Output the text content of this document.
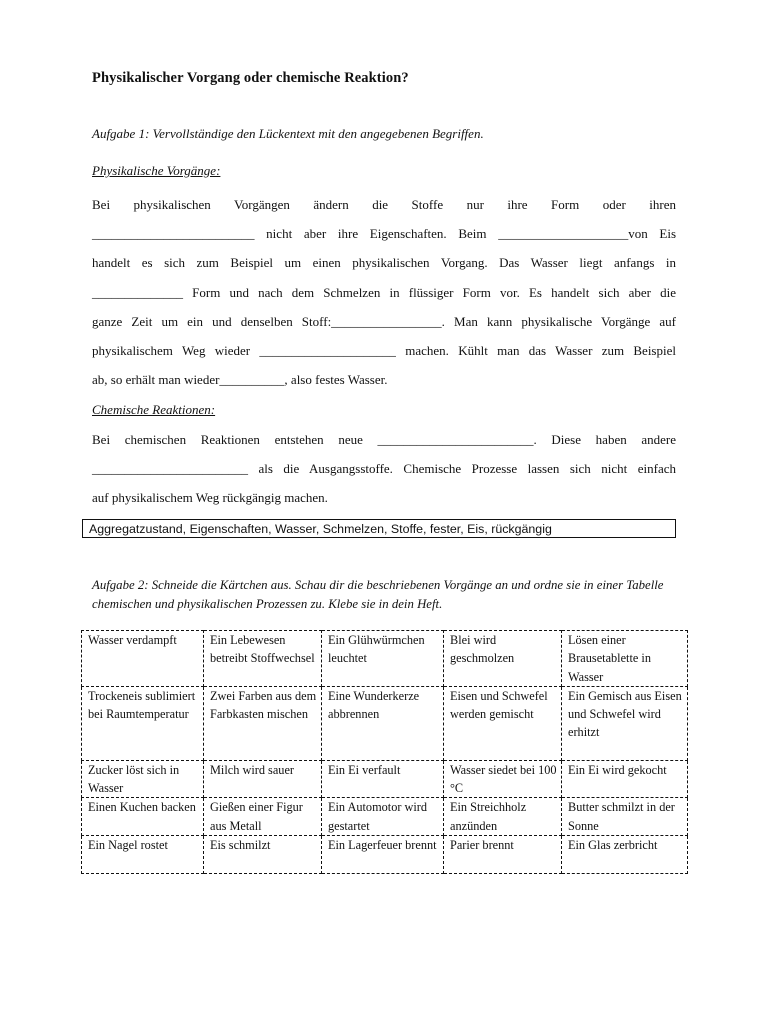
Physikalischer Vorgang oder chemische Reaktion?
Aufgabe 1: Vervollständige den Lückentext mit den angegebenen Begriffen.
Physikalische Vorgänge:
Bei physikalischen Vorgängen ändern die Stoffe nur ihre Form oder ihren
_________________________ nicht aber ihre Eigenschaften. Beim ____________________von Eis
handelt es sich zum Beispiel um einen physikalischen Vorgang. Das Wasser liegt anfangs in
______________ Form und nach dem Schmelzen in flüssiger Form vor. Es handelt sich aber die
ganze Zeit um ein und denselben Stoff:_________________. Man kann physikalische Vorgänge auf
physikalischem Weg wieder _____________________ machen. Kühlt man das Wasser zum Beispiel
ab, so erhält man wieder__________, also festes Wasser.
Chemische Reaktionen:
Bei chemischen Reaktionen entstehen neue ________________________. Diese haben andere
________________________ als die Ausgangsstoffe. Chemische Prozesse lassen sich nicht einfach
auf physikalischem Weg rückgängig machen.
Aggregatzustand, Eigenschaften, Wasser, Schmelzen, Stoffe, fester, Eis, rückgängig
Aufgabe 2: Schneide die Kärtchen aus. Schau dir die beschriebenen Vorgänge an und ordne sie in einer Tabelle chemischen und physikalischen Prozessen zu. Klebe sie in dein Heft.
Wasser verdampft	Ein Lebewesen betreibt Stoffwechsel	Ein Glühwürmchen leuchtet	Blei wird geschmolzen	Lösen einer Brausetablette in Wasser
Trockeneis sublimiert bei Raumtemperatur	Zwei Farben aus dem Farbkasten mischen	Eine Wunderkerze abbrennen	Eisen und Schwefel werden gemischt	Ein Gemisch aus Eisen und Schwefel wird erhitzt
Zucker löst sich in Wasser	Milch wird sauer	Ein Ei verfault	Wasser siedet bei 100 °C	Ein Ei wird gekocht
Einen Kuchen backen	Gießen einer Figur aus Metall	Ein Automotor wird gestartet	Ein Streichholz anzünden	Butter schmilzt in der Sonne
Ein Nagel rostet	Eis schmilzt	Ein Lagerfeuer brennt	Parier brennt	Ein Glas zerbricht
